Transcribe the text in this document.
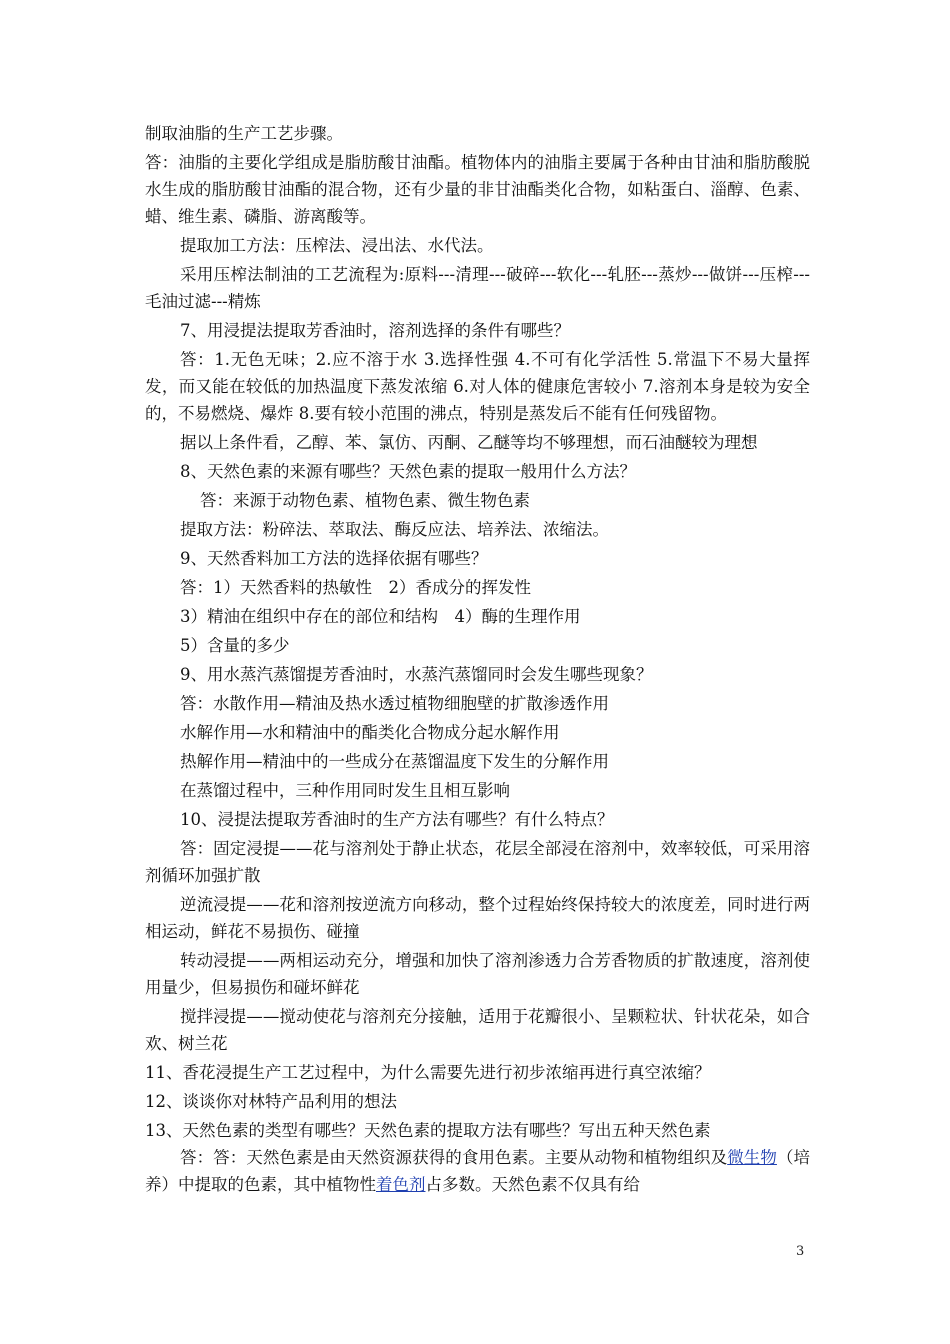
制取油脂的生产工艺步骤。

答：油脂的主要化学组成是脂肪酸甘油酯。植物体内的油脂主要属于各种由甘油和脂肪酸脱水生成的脂肪酸甘油酯的混合物，还有少量的非甘油酯类化合物，如粘蛋白、淄醇、色素、蜡、维生素、磷脂、游离酸等。

提取加工方法：压榨法、浸出法、水代法。

采用压榨法制油的工艺流程为:原料---清理---破碎---软化---轧胚---蒸炒---做饼---压榨---毛油过滤---精炼

7、用浸提法提取芳香油时，溶剂选择的条件有哪些？

答：1.无色无味；2.应不溶于水 3.选择性强 4.不可有化学活性 5.常温下不易大量挥发，而又能在较低的加热温度下蒸发浓缩 6.对人体的健康危害较小 7.溶剂本身是较为安全的，不易燃烧、爆炸 8.要有较小范围的沸点，特别是蒸发后不能有任何残留物。

据以上条件看，乙醇、苯、氯仿、丙酮、乙醚等均不够理想，而石油醚较为理想

8、天然色素的来源有哪些？天然色素的提取一般用什么方法？

答：来源于动物色素、植物色素、微生物色素

提取方法：粉碎法、萃取法、酶反应法、培养法、浓缩法。

9、天然香料加工方法的选择依据有哪些？

答：1）天然香料的热敏性　2）香成分的挥发性

3）精油在组织中存在的部位和结构　4）酶的生理作用

5）含量的多少

9、用水蒸汽蒸馏提芳香油时，水蒸汽蒸馏同时会发生哪些现象？

答：水散作用—精油及热水透过植物细胞壁的扩散渗透作用

水解作用—水和精油中的酯类化合物成分起水解作用

热解作用—精油中的一些成分在蒸馏温度下发生的分解作用

在蒸馏过程中，三种作用同时发生且相互影响

10、浸提法提取芳香油时的生产方法有哪些？有什么特点？

答：固定浸提——花与溶剂处于静止状态，花层全部浸在溶剂中，效率较低，可采用溶剂循环加强扩散

逆流浸提——花和溶剂按逆流方向移动，整个过程始终保持较大的浓度差，同时进行两相运动，鲜花不易损伤、碰撞

转动浸提——两相运动充分，增强和加快了溶剂渗透力合芳香物质的扩散速度，溶剂使用量少，但易损伤和碰坏鲜花

搅拌浸提——搅动使花与溶剂充分接触，适用于花瓣很小、呈颗粒状、针状花朵，如合欢、树兰花

11、香花浸提生产工艺过程中，为什么需要先进行初步浓缩再进行真空浓缩？

12、谈谈你对林特产品利用的想法

13、天然色素的类型有哪些？天然色素的提取方法有哪些？写出五种天然色素

答：答：天然色素是由天然资源获得的食用色素。主要从动物和植物组织及微生物（培养）中提取的色素，其中植物性着色剂占多数。天然色素不仅具有给

3
